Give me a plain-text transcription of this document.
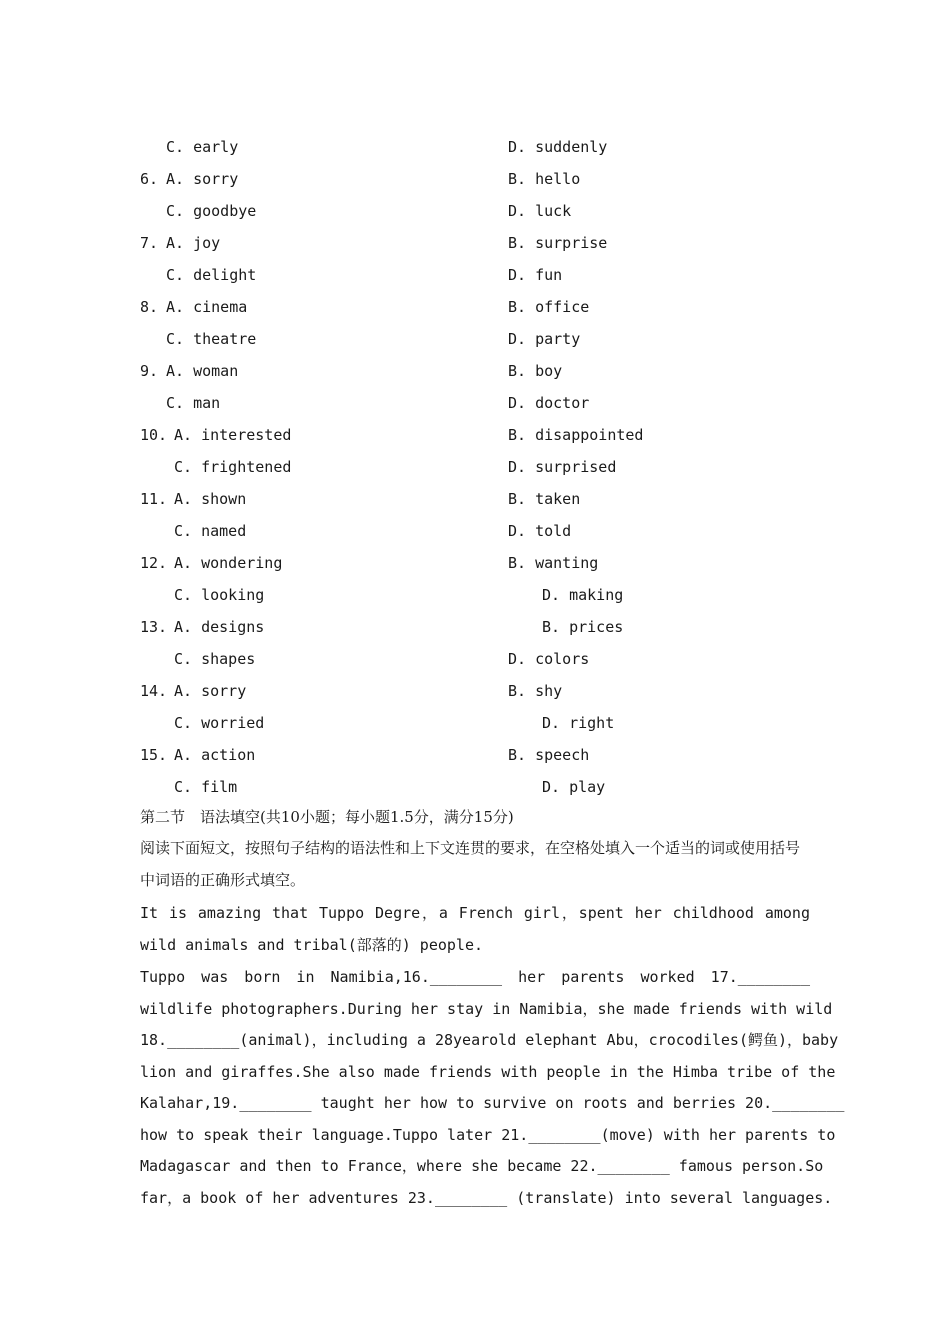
C. early	D. suddenly
6. A. sorry	B. hello
C. goodbye	D. luck
7. A. joy	B. surprise
C. delight	D. fun
8. A. cinema	B. office
C. theatre	D. party
9. A. woman	B. boy
C. man	D. doctor
10. A. interested	B. disappointed
C. frightened	D. surprised
11. A. shown	B. taken
C. named	D. told
12. A. wondering	B. wanting
C. looking	D. making
13. A. designs	B. prices
C. shapes	D. colors
14. A. sorry	B. shy
C. worried	D. right
15. A. action	B. speech
C. film	D. play
第二节　语法填空(共10小题；每小题1.5分，满分15分)
阅读下面短文，按照句子结构的语法性和上下文连贯的要求，在空格处填入一个适当的词或使用括号中词语的正确形式填空。
It is amazing that Tuppo Degre，a French girl，spent her childhood among
wild animals and tribal(部落的) people.
Tuppo was born in Namibia,16.________ her parents worked 17.________
wildlife photographers.During her stay in Namibia，she made friends with wild
18.________(animal)，including a 28yearold elephant Abu，crocodiles(鳄鱼)，baby
lion and giraffes.She also made friends with people in the Himba tribe of the
Kalahar,19.________ taught her how to survive on roots and berries 20.________
how to speak their language.Tuppo later 21.________(move) with her parents to
Madagascar and then to France，where she became 22.________ famous person.So
far，a book of her adventures 23.________ (translate) into several languages.
